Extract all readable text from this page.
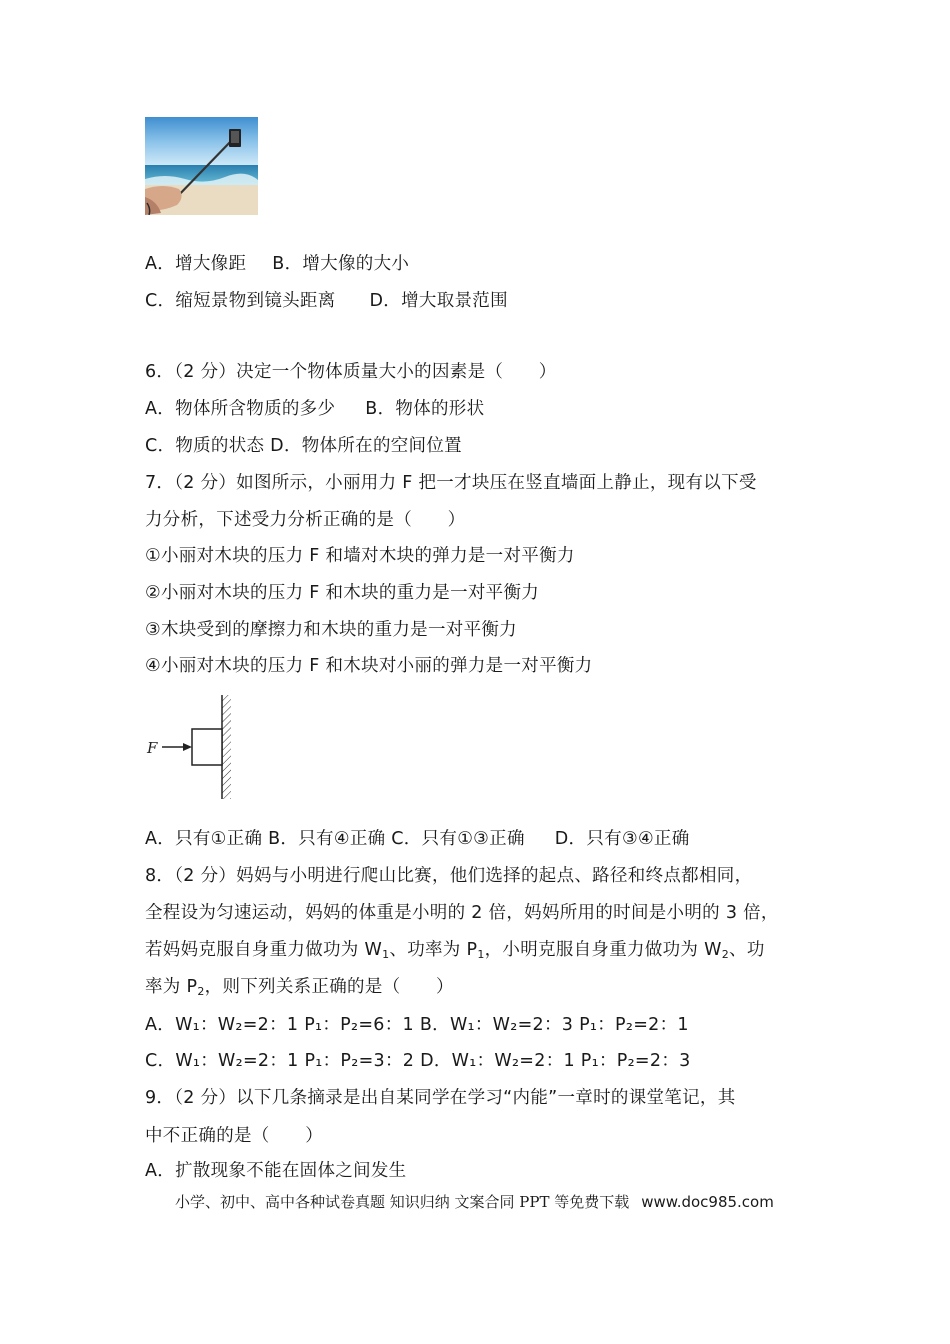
A．增大像距 B．增大像的大小
C．缩短景物到镜头距离 D．增大取景范围
6．（2 分）决定一个物体质量大小的因素是（　　）
A．物体所含物质的多少 B．物体的形状
C．物质的状态 D．物体所在的空间位置
7．（2 分）如图所示，小丽用力 F 把一才块压在竖直墙面上静止，现有以下受
力分析，下述受力分析正确的是（　　）
①小丽对木块的压力 F 和墙对木块的弹力是一对平衡力
②小丽对木块的压力 F 和木块的重力是一对平衡力
③木块受到的摩擦力和木块的重力是一对平衡力
④小丽对木块的压力 F 和木块对小丽的弹力是一对平衡力
F
A．只有①正确 B．只有④正确 C．只有①③正确 D．只有③④正确
8．（2 分）妈妈与小明进行爬山比赛，他们选择的起点、路径和终点都相同，
全程设为匀速运动，妈妈的体重是小明的 2 倍，妈妈所用的时间是小明的 3 倍，
若妈妈克服自身重力做功为 $W_1$、功率为 $P_1$，小明克服自身重力做功为 $W_2$、功
率为 $P_2$，则下列关系正确的是（　　）
A．W₁：W₂=2：1 P₁：P₂=6：1 B．W₁：W₂=2：3 P₁：P₂=2：1
C．W₁：W₂=2：1 P₁：P₂=3：2 D．W₁：W₂=2：1 P₁：P₂=2：3
9．（2 分）以下几条摘录是出自某同学在学习“内能”一章时的课堂笔记，其
中不正确的是（　　）
A．扩散现象不能在固体之间发生
小学、初中、高中各种试卷真题 知识归纳 文案合同 PPT 等免费下载 www.doc985.com
